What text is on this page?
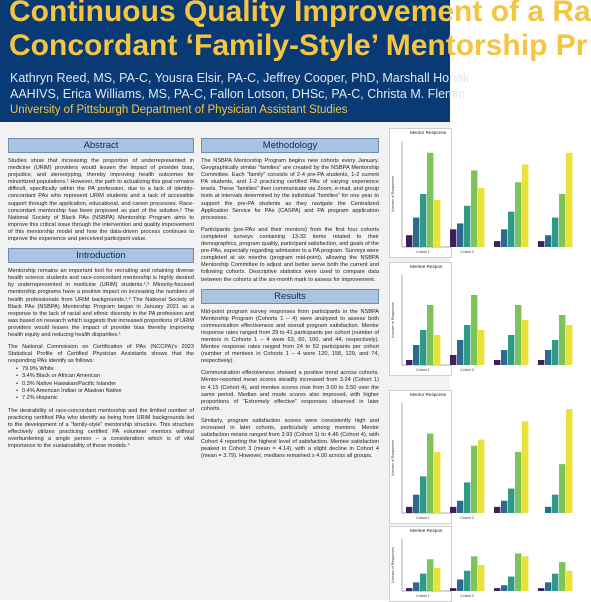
Continuous Quality Improvement of a Ra
Concordant ‘Family-Style’ Mentorship Pr
Kathryn Reed, MS, PA-C, Yousra Elsir, PA-C, Jeffrey Cooper, PhD, Marshall Honak
AAHIVS, Erica Williams, MS, PA-C, Fallon Lotson, DHSc, PA-C, Christa M. Flemin
University of Pittsburgh Department of Physician Assistant Studies
Abstract

Studies show that increasing the proportion of underrepresented in medicine (URiM) providers would lessen the impact of provider bias, prejudice, and stereotyping, thereby improving health outcomes for minoritized populations.¹ However, the path to actualizing this goal remains difficult, specifically within the PA profession, due to a lack of identity-concordant PAs who represent URiM students and a lack of accessible support through the application, educational, and career processes. Race-concordant mentorship has been proposed as part of the solution.² The National Society of Black PAs (NSBPA) Mentorship Program aims to improve this critical issue through the intervention and quality improvement of this mentorship model and how the data-driven process continues to improve the experience and perceived participant value.

Introduction

Mentorship remains an important tool for recruiting and retaining diverse health science students and race-concordant mentorship is highly desired by underrepresented in medicine (URiM) students.²,³ Minority-focused mentorship programs have a positive impact on increasing the numbers of health professionals from URiM backgrounds.¹,² The National Society of Black PAs (NSBPA) Mentorship Program began in January 2021 as a response to the lack of racial and ethnic diversity in the PA profession and was based on research which suggests that increased proportions of URiM providers would lessen the impact of provider bias thereby improving health equity and reducing health disparities.¹

The National Commission on Certification of PAs (NCCPA)'s 2023 Statistical Profile of Certified Physician Assistants shows that the responding PAs identify as follows:

• 79.9% White
• 3.4% Black or African American
• 0.3% Native Hawaiian/Pacific Islander
• 0.4% American Indian or Alaskan Native
• 7.2% Hispanic

The desirability of race-concordant mentorship and the limited number of practicing certified PAs who identify as being from URiM backgrounds led to the development of a “family-style” mentorship structure. This structure effectively utilizes practicing certified PA volunteer mentors without overburdening a single person – a consideration which is of vital importance to the sustainability of these models.⁴

Methodology

The NSBPA Mentorship Program begins new cohorts every January. Geographically similar “families” are created by the NSBPA Mentorship Committee. Each “family” consists of 2-4 pre-PA students, 1-2 current PA students, and 1-2 practicing certified PAs of varying experience levels. These “families” then communicate via Zoom, e-mail, and group texts at intervals determined by the individual “families” for one year to support the pre-PA students as they navigate the Centralized Application Service for PAs (CASPA) and PA program application processes.

Participants (pre-PAs and their mentors) from the first four cohorts completed surveys containing 13-32 items related to their demographics, program quality, participant satisfaction, and goals of the pre-PAs, especially regarding admission to a PA program. Surveys were completed at six months (program mid-point), allowing the NSBPA Mentorship Committee to adjust and better serve both the current and following cohorts. Descriptive statistics were used to compare data between the cohorts at the six-month mark to assess for improvement.

Results

Mid-point program survey responses from participants in the NSBPA Mentorship Program (Cohorts 1 – 4) were analyzed to assess both communication effectiveness and overall program satisfaction. Mentor response rates ranged from 29 to 41 participants per cohort (number of mentors in Cohorts 1 – 4 were 63, 60, 100, and 44, respectively). Mentee response rates ranged from 24 to 52 participants per cohort (number of mentees in Cohorts 1 – 4 were 120, 158, 129, and 74, respectively).

Communication effectiveness showed a positive trend across cohorts. Mentor-reported mean scores steadily increased from 3.24 (Cohort 1) to 4.15 (Cohort 4), and mentee scores rose from 3.00 to 3.50 over the same period. Median and mode scores also improved, with higher proportions of “Extremely effective” responses observed in later cohorts.

Similarly, program satisfaction scores were consistently high and increased in later cohorts, particularly among mentors. Mentor satisfaction means ranged from 3.93 (Cohort 1) to 4.46 (Cohort 4), with Cohort 4 reporting the highest level of satisfaction. Mentee satisfaction peaked in Cohort 3 (mean = 4.14), with a slight decline in Cohort 4 (mean = 3.79). However, medians remained ≥ 4.00 across all groups.

Number of Responses
Cohort 1	Cohort 2
Mentor Response
Number of Responses
Cohort 1	Cohort 2
Mentee Respon
Number of Responses
Cohort 1	Cohort 2
Mentor Response
Number of Responses
Cohort 1	Cohort 2
Mentee Respon
